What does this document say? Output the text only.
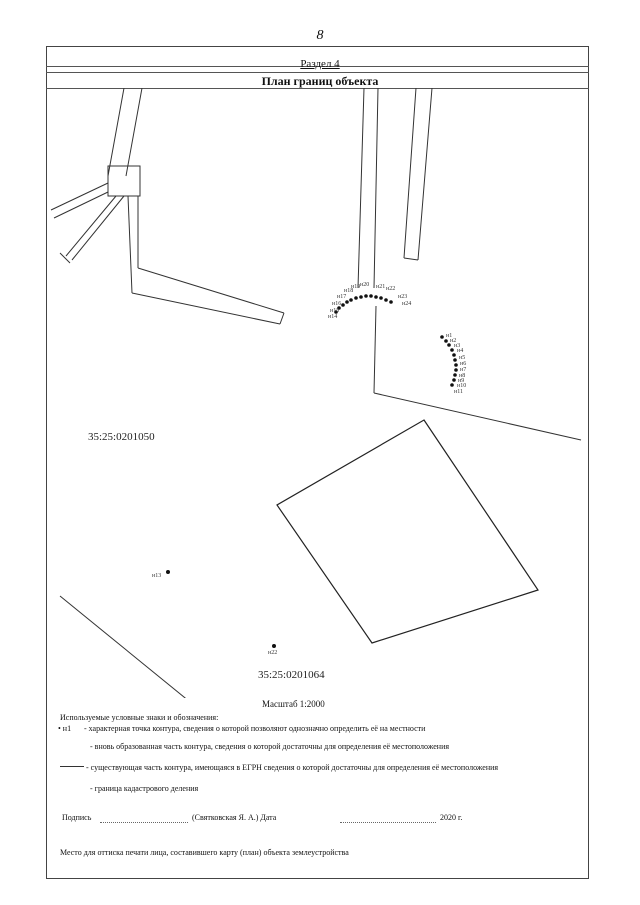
8
Раздел 4
План границ объекта
н14
н15
н16
н17
н18
н19 н20 н21 н22
н23
н24
н1
н2
н3
н4
н5
н6
н7
н8
н9
н10
н11
н13
н22
35:25:0201050
35:25:0201064
Масштаб 1:2000
Используемые условные знаки и обозначения:
• н1 - характерная точка контура, сведения о которой позволяют однозначно определить её на местности
- вновь образованная часть контура, сведения о которой достаточны для определения её местоположения
- существующая часть контура, имеющаяся в ЕГРН сведения о которой достаточны для определения её местоположения
- граница кадастрового деления
Подпись	(Святковская Я. А.) Дата	2020 г.
Место для оттиска печати лица, составившего карту (план) объекта землеустройства
